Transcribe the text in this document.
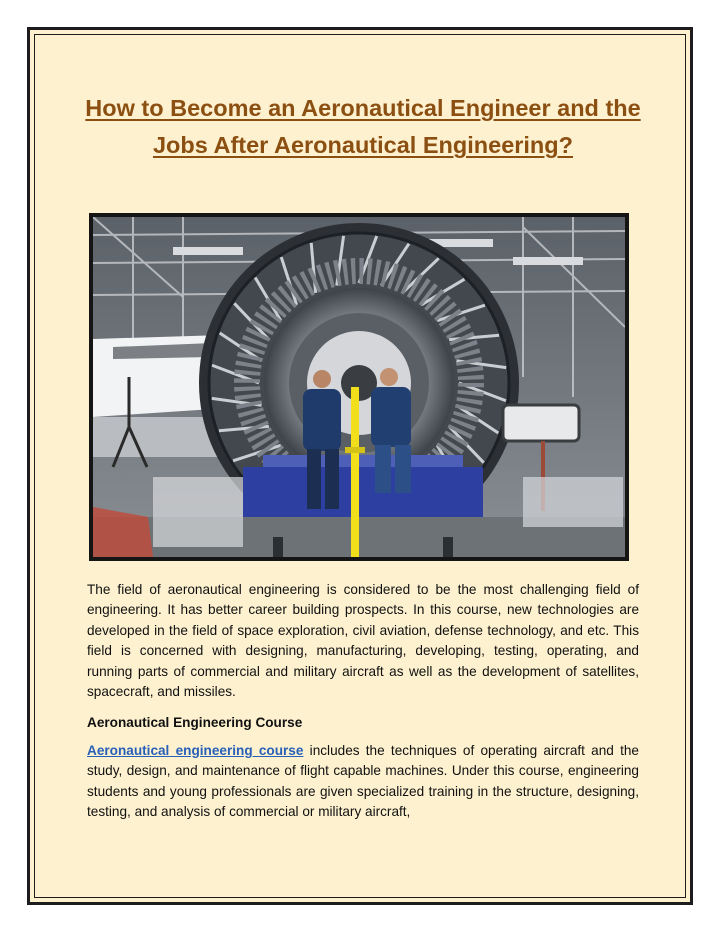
How to Become an Aeronautical Engineer and the Jobs After Aeronautical Engineering?

The field of aeronautical engineering is considered to be the most challenging field of engineering. It has better career building prospects. In this course, new technologies are developed in the field of space exploration, civil aviation, defense technology, and etc. This field is concerned with designing, manufacturing, developing, testing, operating, and running parts of commercial and military aircraft as well as the development of satellites, spacecraft, and missiles.

Aeronautical Engineering Course

Aeronautical engineering course includes the techniques of operating aircraft and the study, design, and maintenance of flight capable machines. Under this course, engineering students and young professionals are given specialized training in the structure, designing, testing, and analysis of commercial or military aircraft,
